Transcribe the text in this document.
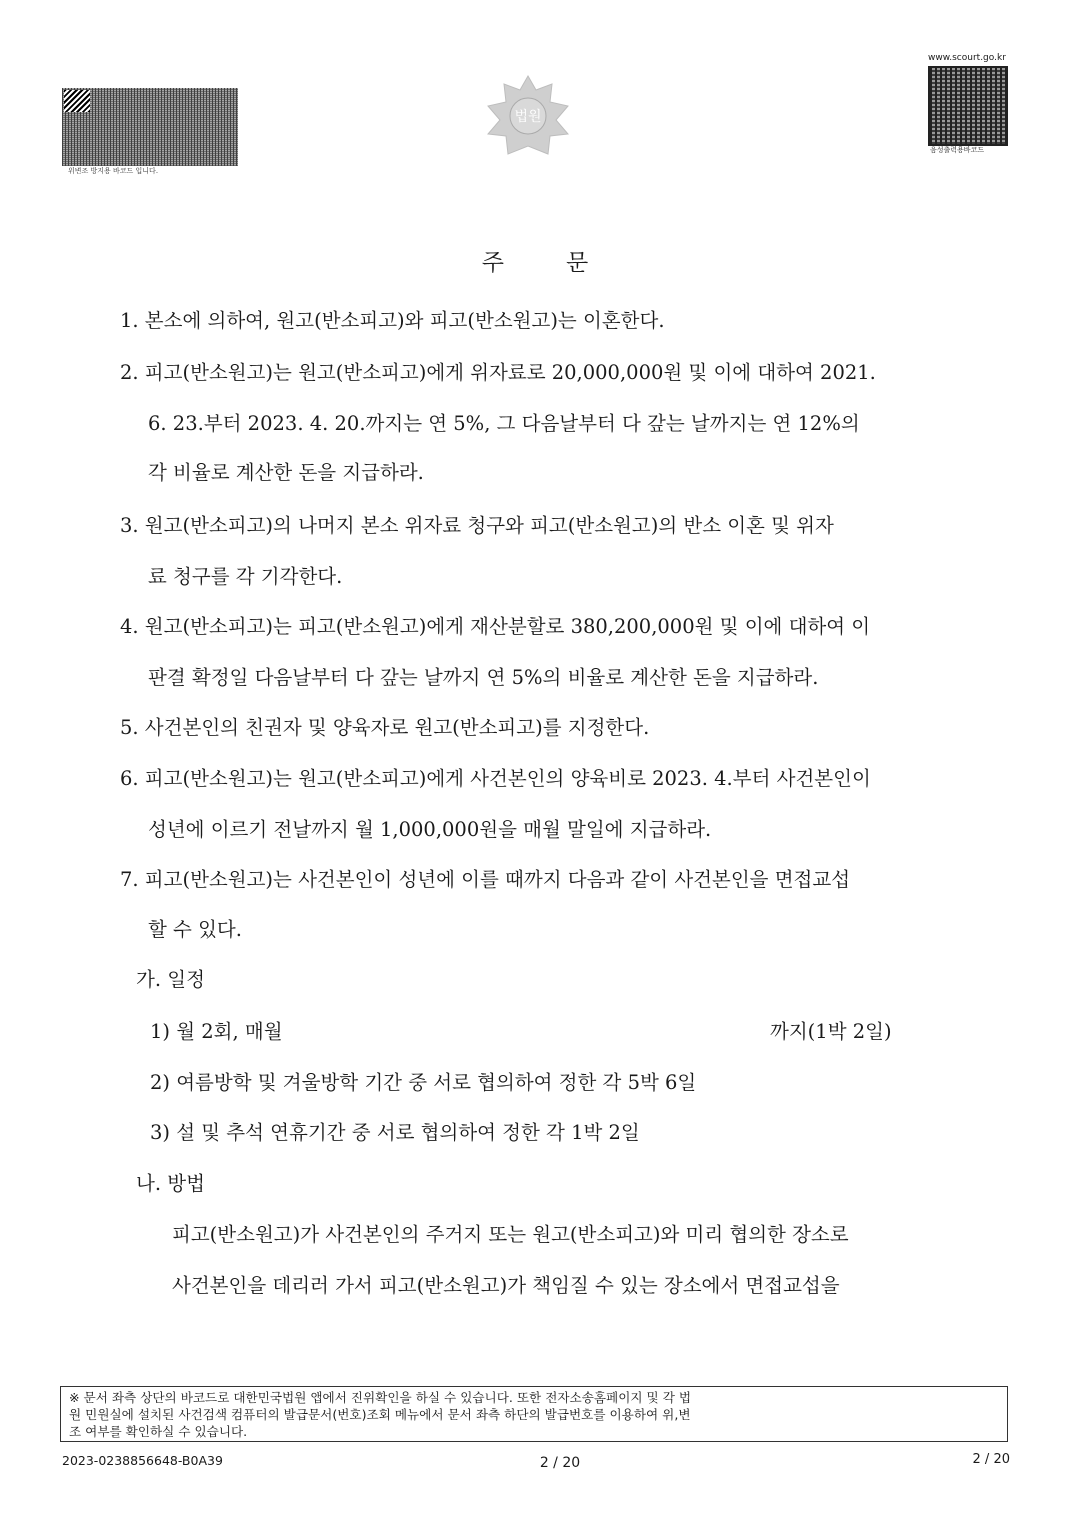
위변조 방지용 바코드 입니다.
법원
www.scourt.go.kr
음성출력용바코드
주	문
1. 본소에 의하여, 원고(반소피고)와 피고(반소원고)는 이혼한다.
2. 피고(반소원고)는 원고(반소피고)에게 위자료로 20,000,000원 및 이에 대하여 2021.
6. 23.부터 2023. 4. 20.까지는 연 5%, 그 다음날부터 다 갚는 날까지는 연 12%의
각 비율로 계산한 돈을 지급하라.
3. 원고(반소피고)의 나머지 본소 위자료 청구와 피고(반소원고)의 반소 이혼 및 위자
료 청구를 각 기각한다.
4. 원고(반소피고)는 피고(반소원고)에게 재산분할로 380,200,000원 및 이에 대하여 이
판결 확정일 다음날부터 다 갚는 날까지 연 5%의 비율로 계산한 돈을 지급하라.
5. 사건본인의 친권자 및 양육자로 원고(반소피고)를 지정한다.
6. 피고(반소원고)는 원고(반소피고)에게 사건본인의 양육비로 2023. 4.부터 사건본인이
성년에 이르기 전날까지 월 1,000,000원을 매월 말일에 지급하라.
7. 피고(반소원고)는 사건본인이 성년에 이를 때까지 다음과 같이 사건본인을 면접교섭
할 수 있다.
가. 일정
1) 월 2회, 매월	까지(1박 2일)
2) 여름방학 및 겨울방학 기간 중 서로 협의하여 정한 각 5박 6일
3) 설 및 추석 연휴기간 중 서로 협의하여 정한 각 1박 2일
나. 방법
피고(반소원고)가 사건본인의 주거지 또는 원고(반소피고)와 미리 협의한 장소로
사건본인을 데리러 가서 피고(반소원고)가 책임질 수 있는 장소에서 면접교섭을
※ 문서 좌측 상단의 바코드로 대한민국법원 앱에서 진위확인을 하실 수 있습니다. 또한 전자소송홈페이지 및 각 법
원 민원실에 설치된 사건검색 컴퓨터의 발급문서(번호)조회 메뉴에서 문서 좌측 하단의 발급번호를 이용하여 위,변
조 여부를 확인하실 수 있습니다.
2023-0238856648-B0A39	2 / 20	2 / 20
